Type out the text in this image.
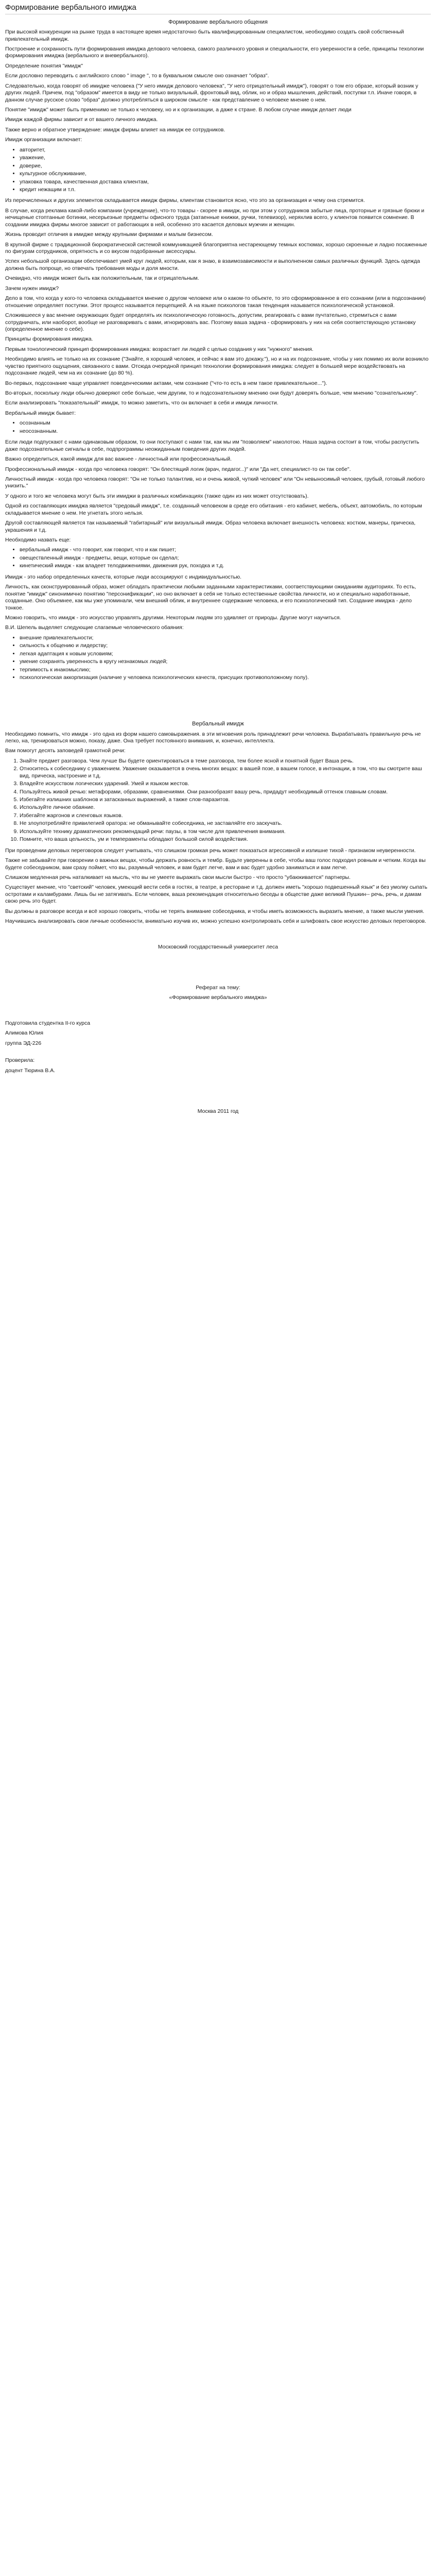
Формирование вербального имиджа

Формирование вербального общения

При высокой конкуренции на рынке труда в настоящее время недостаточно быть квалифицированным специалистом, необходимо создать свой собственный привлекательный имидж.

Построение и сохранность пути формирования имиджа делового человека, самого различного уровня и специальности, его уверенности в себе, принципы техологии формирования имиджа (вербального и вневербального).

Определение понятия "имидж"

Если дословно переводить с английского слово " image ", то в буквальном смысле оно означает "образ".

Следовательно, когда говорят об имидже человека ("У него имидж делового человека", "У него отрицательный имидж"), говорят о том его образе, который возник у других людей. Причем, под "образом" имеется в виду не только визуальный, фронтовый вид, облик, но и образ мышления, действий, поступки т.п. Иначе говоря, в данном случае русское слово "образ" должно употребляться в широком смысле - как представление о человеке мнение о нем.

Понятие "имидж" может быть применимо не только к человеку, но и к организации, а даже к стране. В любом случае имидж делает люди

Имидж каждой фирмы зависит и от вашего личного имиджа.

Также верно и обратное утверждение: имидж фирмы влияет на имидж ее сотрудников.

Имидж организации включает:

• авторитет,
• уважение,
• доверие,
• культурное обслуживание,
• упаковка товара, качественная доставка клиентам,
• кредит нежащим и т.п.

Из перечисленных и других элементов складывается имидж фирмы, клиентам становится ясно, что это за организация и чему она стремится.

В случае, когда реклама какой-либо компании (учреждение), что-то товары - скорее в имидж, но при этом у сотрудников забытые лица, проторные и грязные брюки и нечищеные стоптанные ботинки, несерьезные предметы офисного труда (затаенные книжки, ручки, телевизор), неряхлив всего, у клиентов появится сомнение. В создании имиджа фирмы многое зависит от работающих в ней, особенно это касается деловых мужчин и женщин.

Жизнь проводит отличия в имидже между крупными фирмами и малым бизнесом.

В крупной фирме с традиционной бюрократической системой коммуникацией благоприятна нестареющему темных костюмах, хорошо скроенные и ладно посаженные по фигурам сотрудников, опрятность и со вкусом подобранные аксессуары.

Успех небольшой организации обеспечивает умей круг людей, которым, как я знаю, в взаимозависимости и выполненном самых различных функций. Здесь одежда должна быть попроще, но отвечать требования моды и доля мности.

Очевидно, что имидж может быть как положительным, так и отрицательным.

Зачем нужен имидж?

Дело в том, что когда у кого-то человека складывается мнение о другом человеке или о каком-то объекте, то это сформированное в его сознании (или в подсознании) отношение определяет поступки. Этот процесс называется перцепцией. А на языке психологов такая тенденция называется психологической установкой.

Сложившееся у вас мнение окружающих будет определять их психологическую готовность, допустим, реагировать с вами пучтательно, стремиться с вами сотрудничать, или наоборот, вообще не разговаривать с вами, игнорировать вас. Поэтому ваша задача - сформировать у них на себя соответствующую установку (определенное мнение о себе).

Принципы формирования имиджа.

Первым тонологический принцип формирования имиджа: возрастает ли людей с целью создания у них "нужного" мнения.

Необходимо влиять не только на их сознание ("Знайте, я хороший человек, и сейчас я вам это докажу."), но и на их подсознание, чтобы у них помимо их воли возникло чувство приятного ощущения, связанного с вами. Отсюда очередной принцип технологии формирования имиджа: следует в большей мере воздействовать на подсознание людей, чем на их сознание (до 80 %).

Во-первых, подсознание чаще управляет поведенческими актами, чем сознание ("что-то есть в нем такое привлекательное...").

Во-вторых, поскольку люди обычно доверяют себе больше, чем другим, то и подсознательному мнению они будут доверять больше, чем мнению "сознательному".

Если анализировать "показательный" имидж, то можно заметить, что он включает в себя и имидж личности.

Вербальный имидж бывает:

• осознанным
• неосознанным.

Если люди подпускают с нами одинаковым образом, то они поступают с нами так, как мы им "позволяем" наколотою. Наша задача состоит в том, чтобы распустить даже подсознательные сигналы в себе, подпрограммы неожиданным поведения других людей.

Важно определиться, какой имидж для вас важнее - личностный или профессиональный.

Профессиональный имидж - когда про человека говорят: "Он блестящий логик (врач, педагог...)" или "Да нет, специалист-то он так себе".

Личностный имидж - когда про человека говорят: "Он не только талантлив, но и очень живой, чуткий человек" или "Он невыносимый человек, грубый, готовый любого унизить."

У одного и того же человека могут быть эти имиджи в различных комбинациях (также один из них может отсутствовать).

Одной из составляющих имиджа является "средовый имидж", т.е. созданный человеком в среде его обитания - его кабинет, мебель, объект, автомобиль, по которым складывается мнение о нем. Не угнетать этого нельзя.

Другой составляющей является так называемый "габитарный" или визуальный имидж. Образ человека включает внешность человека: костюм, манеры, прическа, украшения и т.д.

Необходимо назвать еще:

• вербальный имидж - что говорит, как говорит, что и как пишет;
• овеществленный имидж - предметы, вещи, которые он сделал;
• кинетический имидж - как владеет телодвижениями, движения рук, походка и т.д.

Имидж - это набор определенных качеств, которые люди ассоциируют с индивидуальностью.

Личность, как сконструированный образ, может обладать практически любыми заданными характеристиками, соответствующими ожиданиям аудиториях. То есть, понятие "имидж" синонимично понятию "персонификации", но оно включает в себя не только естественные свойства личности, но и специально наработанные, созданные. Оно объемнее, как мы уже упоминали, чем внешний облик, и внутреннее содержание человека, и его психологический тип. Создание имиджа - дело тонкое.

Можно говорить, что имидж - это искусство управлять другими. Некоторым людям это удивляет от природы. Другие могут научиться.

В.И. Шепель выделяет следующие слагаемые человеческого обаяния:

• внешние привлекательности;
• сильность к общению и лидерству;
• легкая адаптация к новым условиям;
• умение сохранять уверенность в кругу незнакомых людей;
• терпимость к инакомыслию;
• психологическая аккорпизация (наличие у человека психологических качеств, присущих противоположному полу).

Вербальный имидж

Необходимо помнить, что имидж - это одна из форм нашего самовыражения. в эти мгновения роль принадлежит речи человека. Вырабатывать правильную речь не легко, на, тренироваться можно, показу, даже. Она требует постоянного внимания, и, конечно, интеллекта.

Вам помогут десять заповедей грамотной речи:

1. Знайте предмет разговора. Чем лучше Вы будете ориентироваться в теме разговора, тем более ясной и понятной будет Ваша речь.
2. Относитесь к собеседнику с уважением. Уважение оказывается в очень многих вещах: в вашей позе, в вашем голосе, в интонации, в том, что вы смотрите ваш вид, прическа, настроение и т.д.
3. Владейте искусством логических ударений. Умей и языком жестов.
4. Пользуйтесь живой речью: метафорами, образами, сравнениями. Они разнообразят вашу речь, придадут необходимый оттенок главным словам.
5. Избегайте излишних шаблонов и затасканных выражений, а также слов-паразитов.
6. Используйте личное обаяние.
7. Избегайте жаргонов и сленговых языков.
8. Не злоупотребляйте привилегией оратора: не обманывайте собеседника, не заставляйте его заскучать.
9. Используйте технику драматических рекомендаций речи: паузы, в том числе для привлечения внимания.
10. Помните, что ваша цельность, ум и темпераменты обладают большой силой воздействия.

При проведении деловых переговоров следует учитывать, что слишком громкая речь может показаться агрессивной и излишне тихой - признаком неуверенности.

Также не забывайте при говорении о важных вещах, чтобы держать ровность и тембр. Будьте уверенны в себе, чтобы ваш голос подходил ровным и четким. Когда вы будете собеседником, вам сразу поймет, что вы, разумный человек, и вам будет легче, вам и вас будет удобно заниматься и вам легче.

Слишком медленная речь наталкивает на мысль, что вы не умеете выражать свои мысли быстро - что просто "убаюкивается" партнеры.

Существует мнение, что "светский" человек, умеющий вести себя в гостях, в театре, в ресторане и т.д. должен иметь "хорошо подвешенный язык" и без умолку сыпать остротами и каламбурами. Лишь бы не затягивать. Если человек, ваша рекомендация относительно беседы в обществе даже великий Пушкин-- речь, речь, и дамам свою речь это будет.

Вы должны в разговоре всегда и всё хорошо говорить, чтобы не терять внимание собеседника, и чтобы иметь возможность выразить мнение, а также мысли умения.

Научившись анализировать свои личные особенности, вниматьно изучив их, можно успешно контролировать себя и шлифовать свое искусство деловых переговоров.

Московский государственный университет леса

Реферат на тему:

«Формирование вербального имиджа»

Подготовила студентка II-го курса

Алимова Юлия

группа ЭД-226

Проверила:

доцент Тюрина В.А.

Москва 2011 год
